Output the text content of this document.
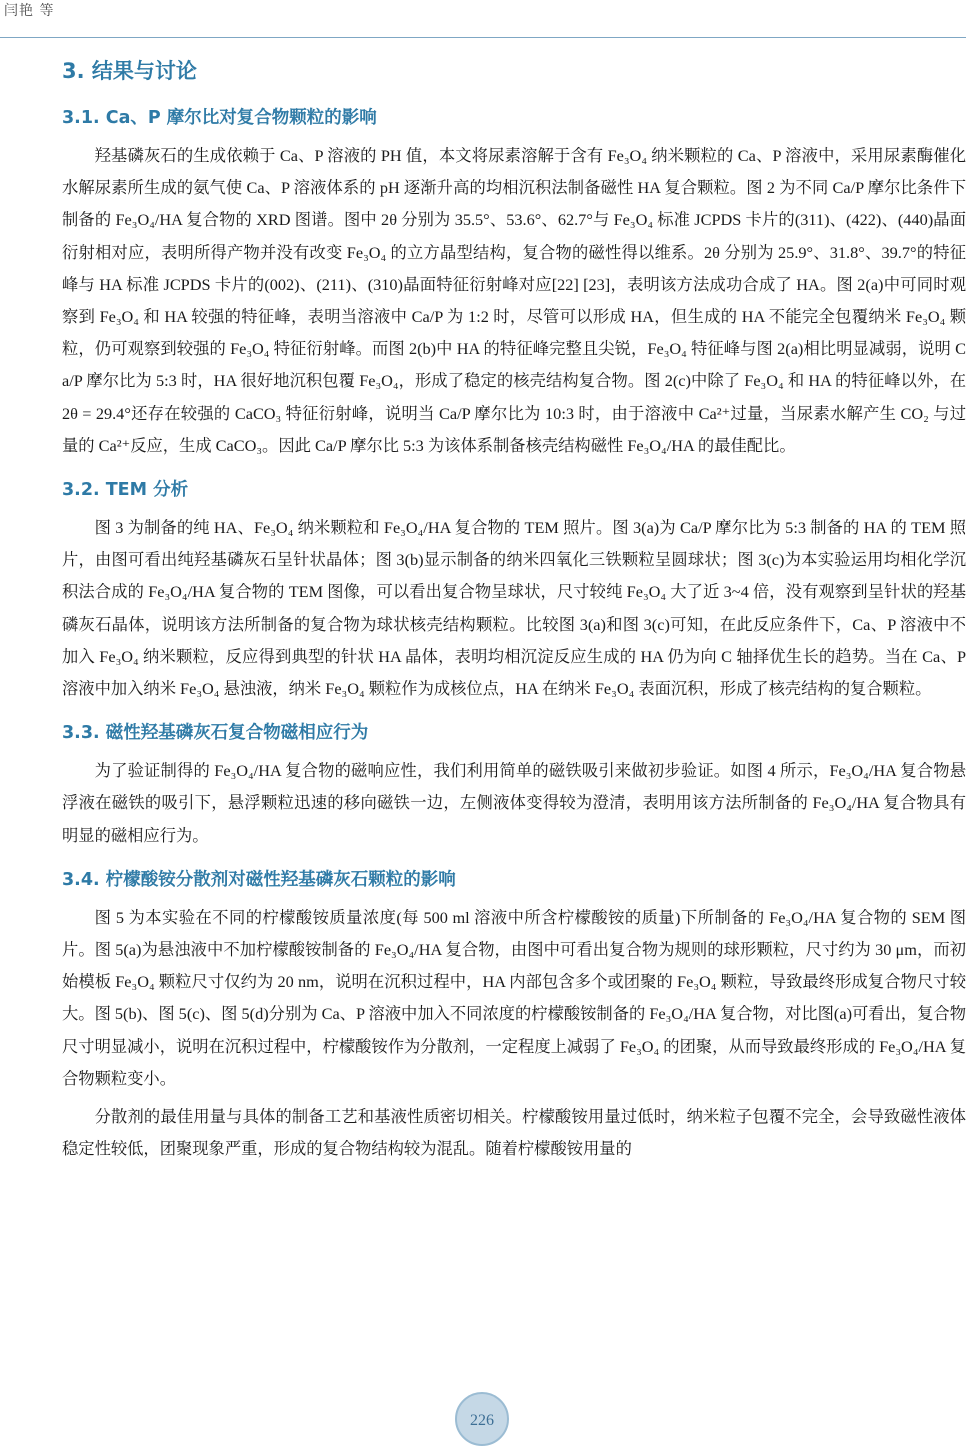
闫艳 等
3. 结果与讨论
3.1. Ca、P 摩尔比对复合物颗粒的影响

羟基磷灰石的生成依赖于 Ca、P 溶液的 PH 值，本文将尿素溶解于含有 Fe₃O₄ 纳米颗粒的 Ca、P 溶液中，采用尿素酶催化水解尿素所生成的氨气使 Ca、P 溶液体系的 pH 逐渐升高的均相沉积法制备磁性 HA 复合颗粒。图 2 为不同 Ca/P 摩尔比条件下制备的 Fe₃O₄/HA 复合物的 XRD 图谱。图中 2θ 分别为 35.5°、53.6°、62.7°与 Fe₃O₄ 标准 JCPDS 卡片的(311)、(422)、(440)晶面衍射相对应，表明所得产物并没有改变 Fe₃O₄ 的立方晶型结构，复合物的磁性得以维系。2θ 分别为 25.9°、31.8°、39.7°的特征峰与 HA 标准 JCPDS 卡片的(002)、(211)、(310)晶面特征衍射峰对应[22] [23]，表明该方法成功合成了 HA。图 2(a)中可同时观察到 Fe₃O₄ 和 HA 较强的特征峰，表明当溶液中 Ca/P 为 1:2 时，尽管可以形成 HA，但生成的 HA 不能完全包覆纳米 Fe₃O₄ 颗粒，仍可观察到较强的 Fe₃O₄ 特征衍射峰。而图 2(b)中 HA 的特征峰完整且尖锐，Fe₃O₄ 特征峰与图 2(a)相比明显减弱，说明 Ca/P 摩尔比为 5:3 时，HA 很好地沉积包覆 Fe₃O₄，形成了稳定的核壳结构复合物。图 2(c)中除了 Fe₃O₄ 和 HA 的特征峰以外，在 2θ = 29.4°还存在较强的 CaCO₃ 特征衍射峰，说明当 Ca/P 摩尔比为 10:3 时，由于溶液中 Ca²⁺过量，当尿素水解产生 CO₂ 与过量的 Ca²⁺反应，生成 CaCO₃。因此 Ca/P 摩尔比 5:3 为该体系制备核壳结构磁性 Fe₃O₄/HA 的最佳配比。

3.2. TEM 分析

图 3 为制备的纯 HA、Fe₃O₄ 纳米颗粒和 Fe₃O₄/HA 复合物的 TEM 照片。图 3(a)为 Ca/P 摩尔比为 5:3 制备的 HA 的 TEM 照片，由图可看出纯羟基磷灰石呈针状晶体；图 3(b)显示制备的纳米四氧化三铁颗粒呈圆球状；图 3(c)为本实验运用均相化学沉积法合成的 Fe₃O₄/HA 复合物的 TEM 图像，可以看出复合物呈球状，尺寸较纯 Fe₃O₄ 大了近 3~4 倍，没有观察到呈针状的羟基磷灰石晶体，说明该方法所制备的复合物为球状核壳结构颗粒。比较图 3(a)和图 3(c)可知，在此反应条件下，Ca、P 溶液中不加入 Fe₃O₄ 纳米颗粒，反应得到典型的针状 HA 晶体，表明均相沉淀反应生成的 HA 仍为向 C 轴择优生长的趋势。当在 Ca、P 溶液中加入纳米 Fe₃O₄ 悬浊液，纳米 Fe₃O₄ 颗粒作为成核位点，HA 在纳米 Fe₃O₄ 表面沉积，形成了核壳结构的复合颗粒。

3.3. 磁性羟基磷灰石复合物磁相应行为

为了验证制得的 Fe₃O₄/HA 复合物的磁响应性，我们利用简单的磁铁吸引来做初步验证。如图 4 所示，Fe₃O₄/HA 复合物悬浮液在磁铁的吸引下，悬浮颗粒迅速的移向磁铁一边，左侧液体变得较为澄清，表明用该方法所制备的 Fe₃O₄/HA 复合物具有明显的磁相应行为。

3.4. 柠檬酸铵分散剂对磁性羟基磷灰石颗粒的影响

图 5 为本实验在不同的柠檬酸铵质量浓度(每 500 ml 溶液中所含柠檬酸铵的质量)下所制备的 Fe₃O₄/HA 复合物的 SEM 图片。图 5(a)为悬浊液中不加柠檬酸铵制备的 Fe₃O₄/HA 复合物，由图中可看出复合物为规则的球形颗粒，尺寸约为 30 μm，而初始模板 Fe₃O₄ 颗粒尺寸仅约为 20 nm，说明在沉积过程中，HA 内部包含多个或团聚的 Fe₃O₄ 颗粒，导致最终形成复合物尺寸较大。图 5(b)、图 5(c)、图 5(d)分别为 Ca、P 溶液中加入不同浓度的柠檬酸铵制备的 Fe₃O₄/HA 复合物，对比图(a)可看出，复合物尺寸明显减小，说明在沉积过程中，柠檬酸铵作为分散剂，一定程度上减弱了 Fe₃O₄ 的团聚，从而导致最终形成的 Fe₃O₄/HA 复合物颗粒变小。

分散剂的最佳用量与具体的制备工艺和基液性质密切相关。柠檬酸铵用量过低时，纳米粒子包覆不完全，会导致磁性液体稳定性较低，团聚现象严重，形成的复合物结构较为混乱。随着柠檬酸铵用量的

226
